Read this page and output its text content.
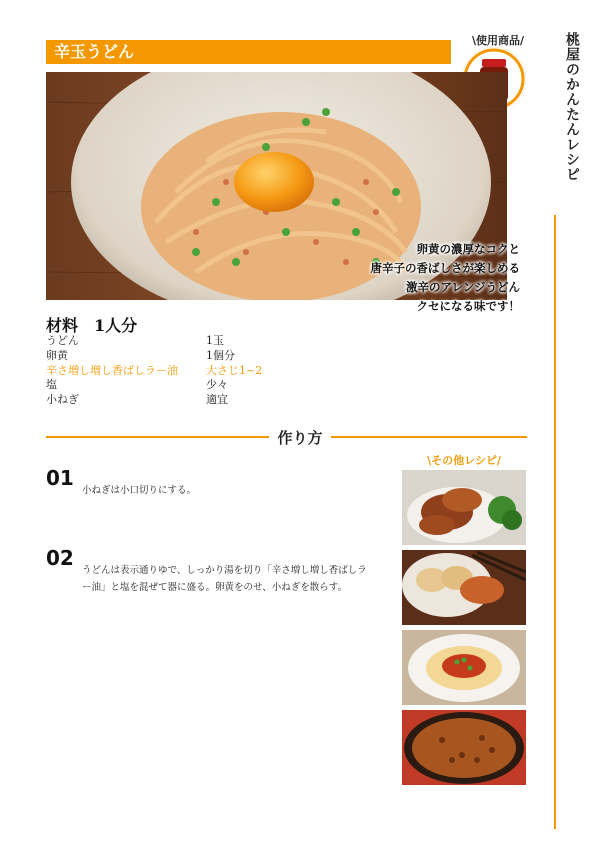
桃屋のかんたんレシピ
辛玉うどん
\使用商品/
卵黄の濃厚なコクと
唐辛子の香ばしさが楽しめる
激辛のアレンジうどん
クセになる味です！
材料　1人分
うどん	1玉
卵黄	1個分
辛さ増し増し香ばしラー油	大さじ1~2
塩	少々
小ねぎ	適宜
作り方
01
小ねぎは小口切りにする。
02
うどんは表示通りゆで、しっかり湯を切り「辛さ増し増し香ばしラー油」と塩を混ぜて器に盛る。卵黄をのせ、小ねぎを散らす。
\その他レシピ/
